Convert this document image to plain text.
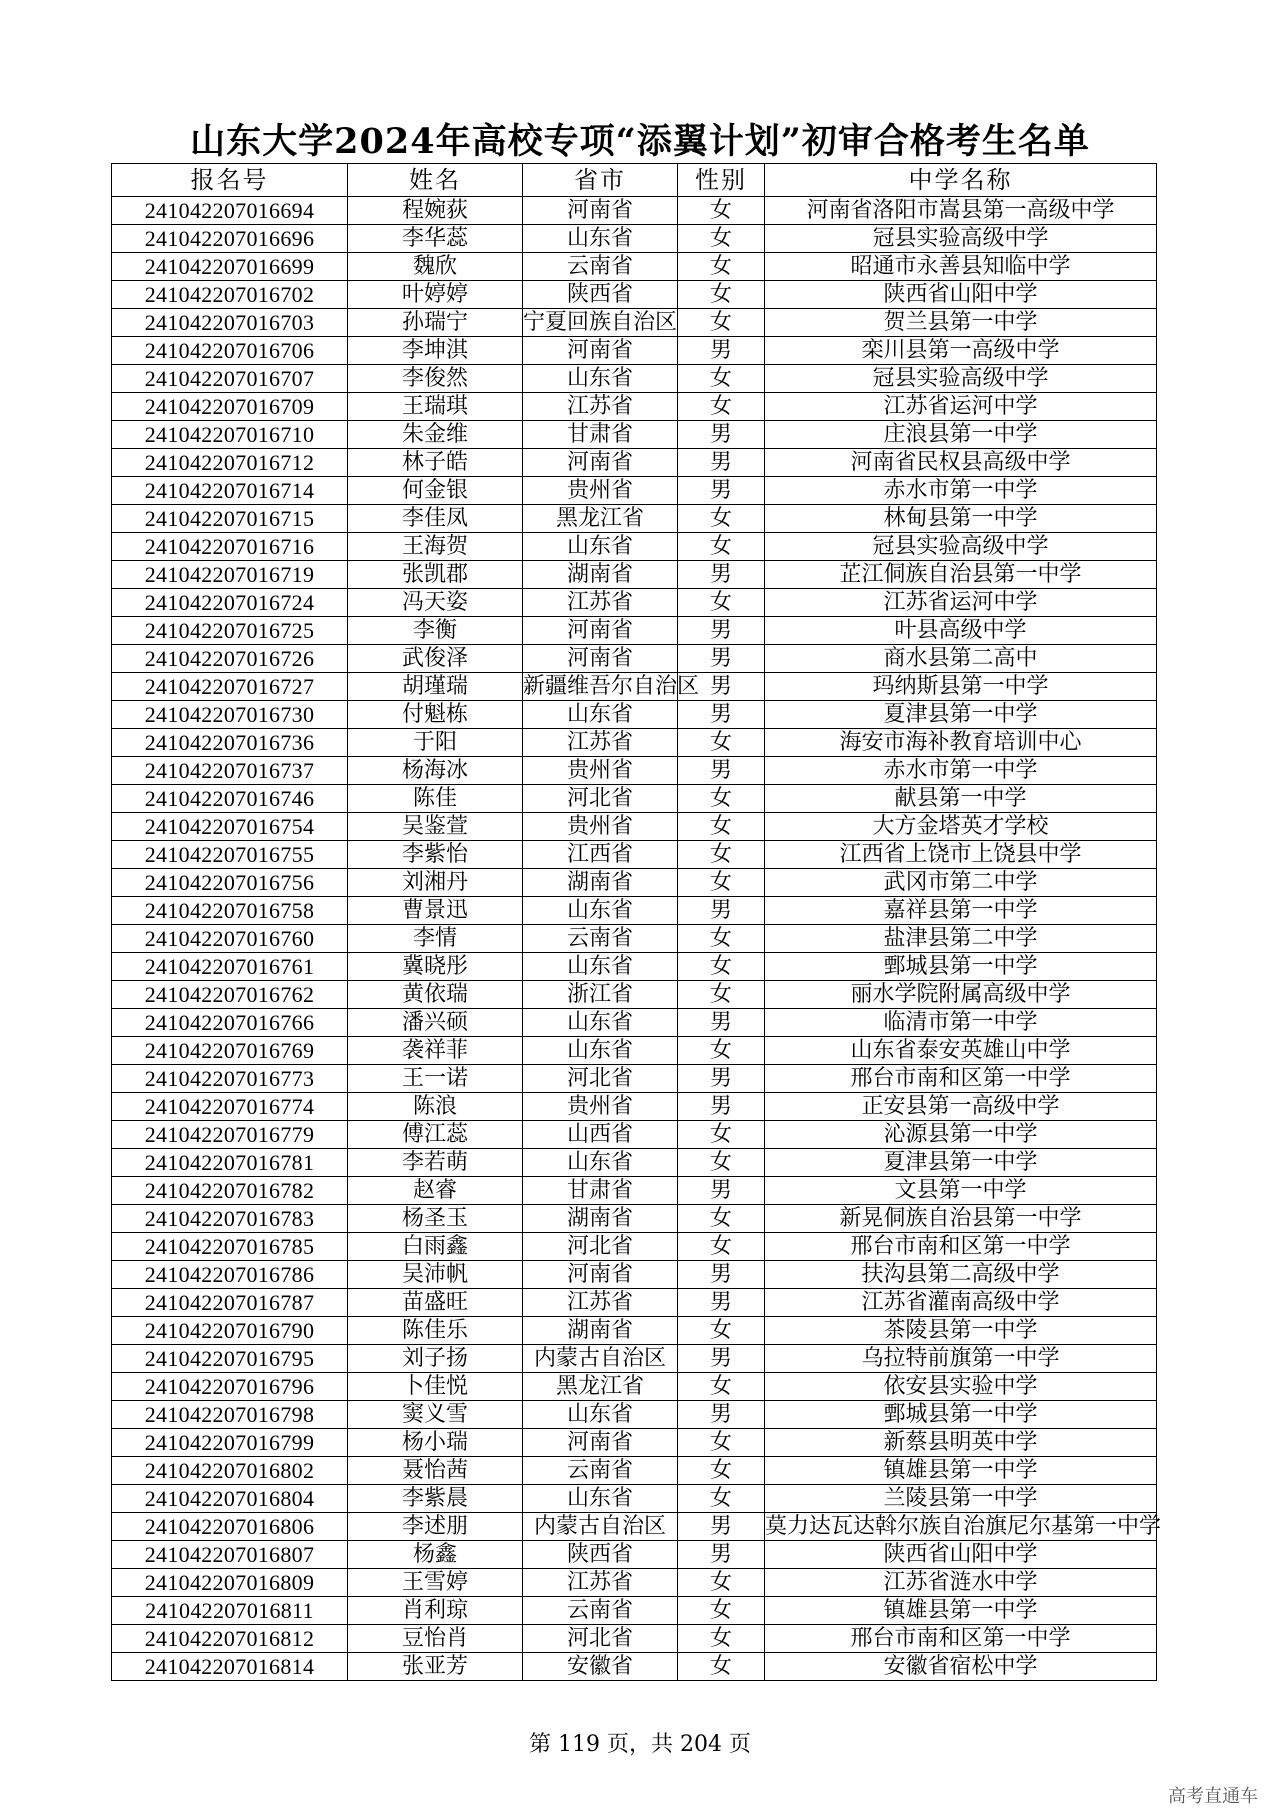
山东大学2024年高校专项“添翼计划”初审合格考生名单
报名号	姓名	省市	性别	中学名称
241042207016694	程婉荻	河南省	女	河南省洛阳市嵩县第一高级中学
241042207016696	李华蕊	山东省	女	冠县实验高级中学
241042207016699	魏欣	云南省	女	昭通市永善县知临中学
241042207016702	叶婷婷	陕西省	女	陕西省山阳中学
241042207016703	孙瑞宁	宁夏回族自治区	女	贺兰县第一中学
241042207016706	李坤淇	河南省	男	栾川县第一高级中学
241042207016707	李俊然	山东省	女	冠县实验高级中学
241042207016709	王瑞琪	江苏省	女	江苏省运河中学
241042207016710	朱金维	甘肃省	男	庄浪县第一中学
241042207016712	林子皓	河南省	男	河南省民权县高级中学
241042207016714	何金银	贵州省	男	赤水市第一中学
241042207016715	李佳凤	黑龙江省	女	林甸县第一中学
241042207016716	王海贺	山东省	女	冠县实验高级中学
241042207016719	张凯郡	湖南省	男	芷江侗族自治县第一中学
241042207016724	冯天姿	江苏省	女	江苏省运河中学
241042207016725	李衡	河南省	男	叶县高级中学
241042207016726	武俊泽	河南省	男	商水县第二高中
241042207016727	胡瑾瑞	新疆维吾尔自治区	男	玛纳斯县第一中学
241042207016730	付魁栋	山东省	男	夏津县第一中学
241042207016736	于阳	江苏省	女	海安市海补教育培训中心
241042207016737	杨海冰	贵州省	男	赤水市第一中学
241042207016746	陈佳	河北省	女	献县第一中学
241042207016754	吴鉴萱	贵州省	女	大方金塔英才学校
241042207016755	李紫怡	江西省	女	江西省上饶市上饶县中学
241042207016756	刘湘丹	湖南省	女	武冈市第二中学
241042207016758	曹景迅	山东省	男	嘉祥县第一中学
241042207016760	李情	云南省	女	盐津县第二中学
241042207016761	冀晓彤	山东省	女	鄄城县第一中学
241042207016762	黄依瑞	浙江省	女	丽水学院附属高级中学
241042207016766	潘兴硕	山东省	男	临清市第一中学
241042207016769	袭祥菲	山东省	女	山东省泰安英雄山中学
241042207016773	王一诺	河北省	男	邢台市南和区第一中学
241042207016774	陈浪	贵州省	男	正安县第一高级中学
241042207016779	傅江蕊	山西省	女	沁源县第一中学
241042207016781	李若萌	山东省	女	夏津县第一中学
241042207016782	赵睿	甘肃省	男	文县第一中学
241042207016783	杨圣玉	湖南省	女	新晃侗族自治县第一中学
241042207016785	白雨鑫	河北省	女	邢台市南和区第一中学
241042207016786	吴沛帆	河南省	男	扶沟县第二高级中学
241042207016787	苗盛旺	江苏省	男	江苏省灌南高级中学
241042207016790	陈佳乐	湖南省	女	茶陵县第一中学
241042207016795	刘子扬	内蒙古自治区	男	乌拉特前旗第一中学
241042207016796	卜佳悦	黑龙江省	女	依安县实验中学
241042207016798	窦义雪	山东省	男	鄄城县第一中学
241042207016799	杨小瑞	河南省	女	新蔡县明英中学
241042207016802	聂怡茜	云南省	女	镇雄县第一中学
241042207016804	李紫晨	山东省	女	兰陵县第一中学
241042207016806	李述朋	内蒙古自治区	男	莫力达瓦达斡尔族自治旗尼尔基第一中学
241042207016807	杨鑫	陕西省	男	陕西省山阳中学
241042207016809	王雪婷	江苏省	女	江苏省涟水中学
241042207016811	肖利琼	云南省	女	镇雄县第一中学
241042207016812	豆怡肖	河北省	女	邢台市南和区第一中学
241042207016814	张亚芳	安徽省	女	安徽省宿松中学
第 119 页，共 204 页
高考直通车
